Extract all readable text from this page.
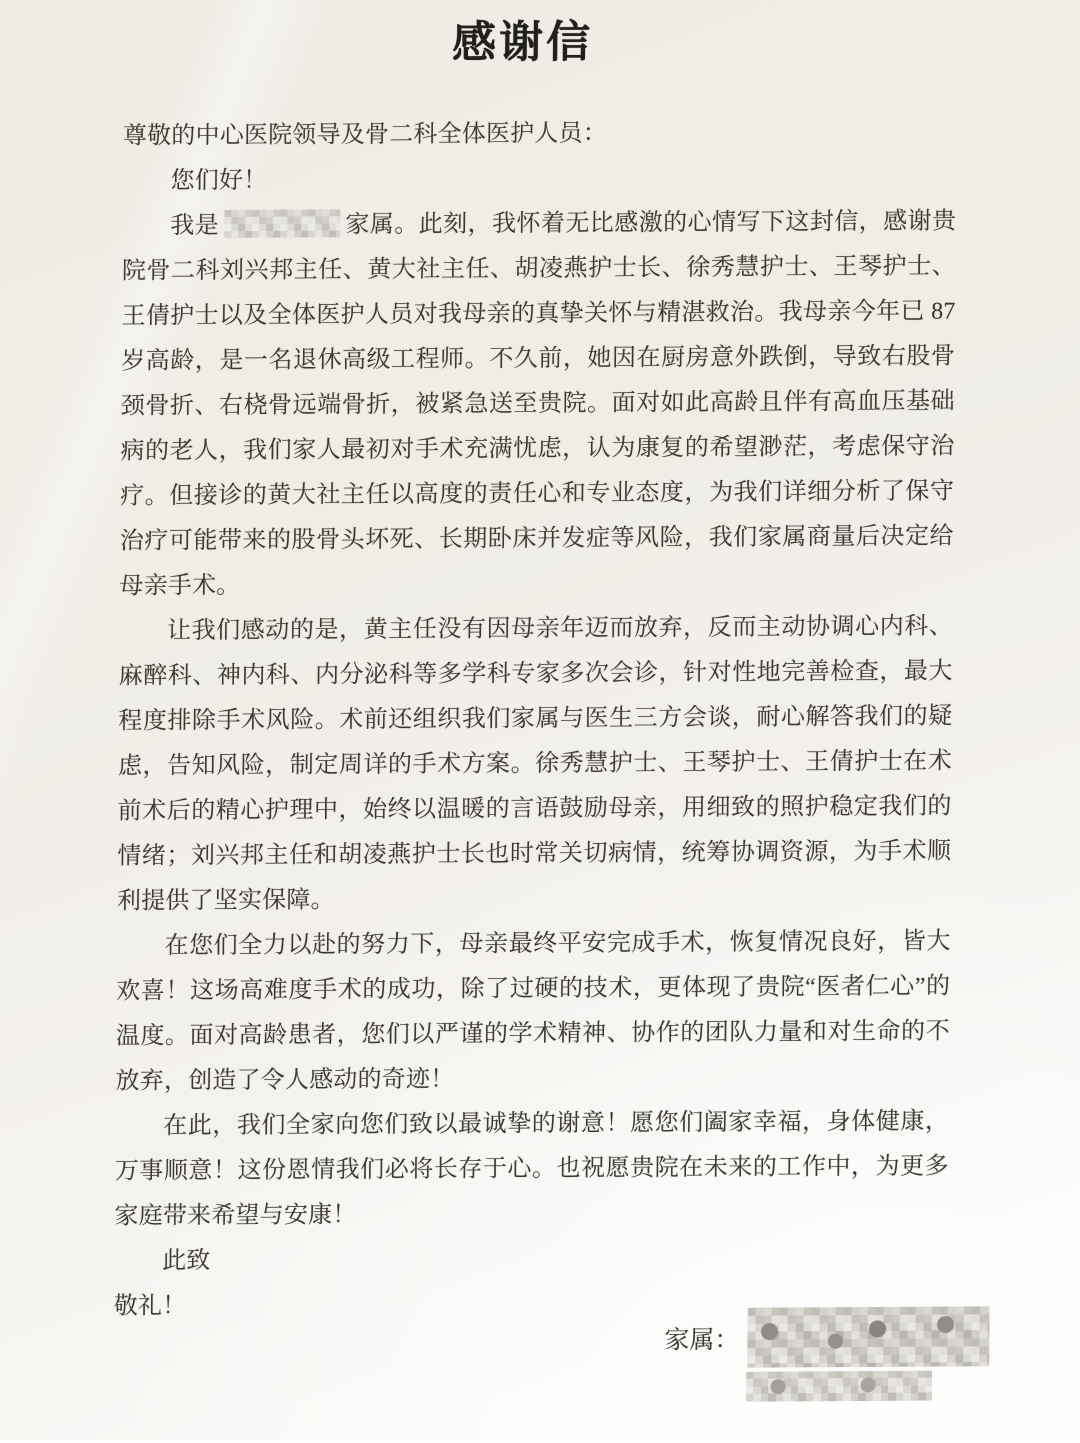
感谢信

尊敬的中心医院领导及骨二科全体医护人员：

您们好！

我是	家属。此刻，我怀着无比感激的心情写下这封信，感谢贵院骨二科刘兴邦主任、黄大社主任、胡凌燕护士长、徐秀慧护士、王琴护士、王倩护士以及全体医护人员对我母亲的真挚关怀与精湛救治。我母亲今年已 87 岁高龄，是一名退休高级工程师。不久前，她因在厨房意外跌倒，导致右股骨颈骨折、右桡骨远端骨折，被紧急送至贵院。面对如此高龄且伴有高血压基础病的老人，我们家人最初对手术充满忧虑，认为康复的希望渺茫，考虑保守治疗。但接诊的黄大社主任以高度的责任心和专业态度，为我们详细分析了保守治疗可能带来的股骨头坏死、长期卧床并发症等风险，我们家属商量后决定给母亲手术。

让我们感动的是，黄主任没有因母亲年迈而放弃，反而主动协调心内科、麻醉科、神内科、内分泌科等多学科专家多次会诊，针对性地完善检查，最大程度排除手术风险。术前还组织我们家属与医生三方会谈，耐心解答我们的疑虑，告知风险，制定周详的手术方案。徐秀慧护士、王琴护士、王倩护士在术前术后的精心护理中，始终以温暖的言语鼓励母亲，用细致的照护稳定我们的情绪；刘兴邦主任和胡凌燕护士长也时常关切病情，统筹协调资源，为手术顺利提供了坚实保障。

在您们全力以赴的努力下，母亲最终平安完成手术，恢复情况良好，皆大欢喜！这场高难度手术的成功，除了过硬的技术，更体现了贵院“医者仁心”的温度。面对高龄患者，您们以严谨的学术精神、协作的团队力量和对生命的不放弃，创造了令人感动的奇迹！

在此，我们全家向您们致以最诚挚的谢意！愿您们阖家幸福，身体健康，万事顺意！这份恩情我们必将长存于心。也祝愿贵院在未来的工作中，为更多家庭带来希望与安康！

此致

敬礼！

家属：
